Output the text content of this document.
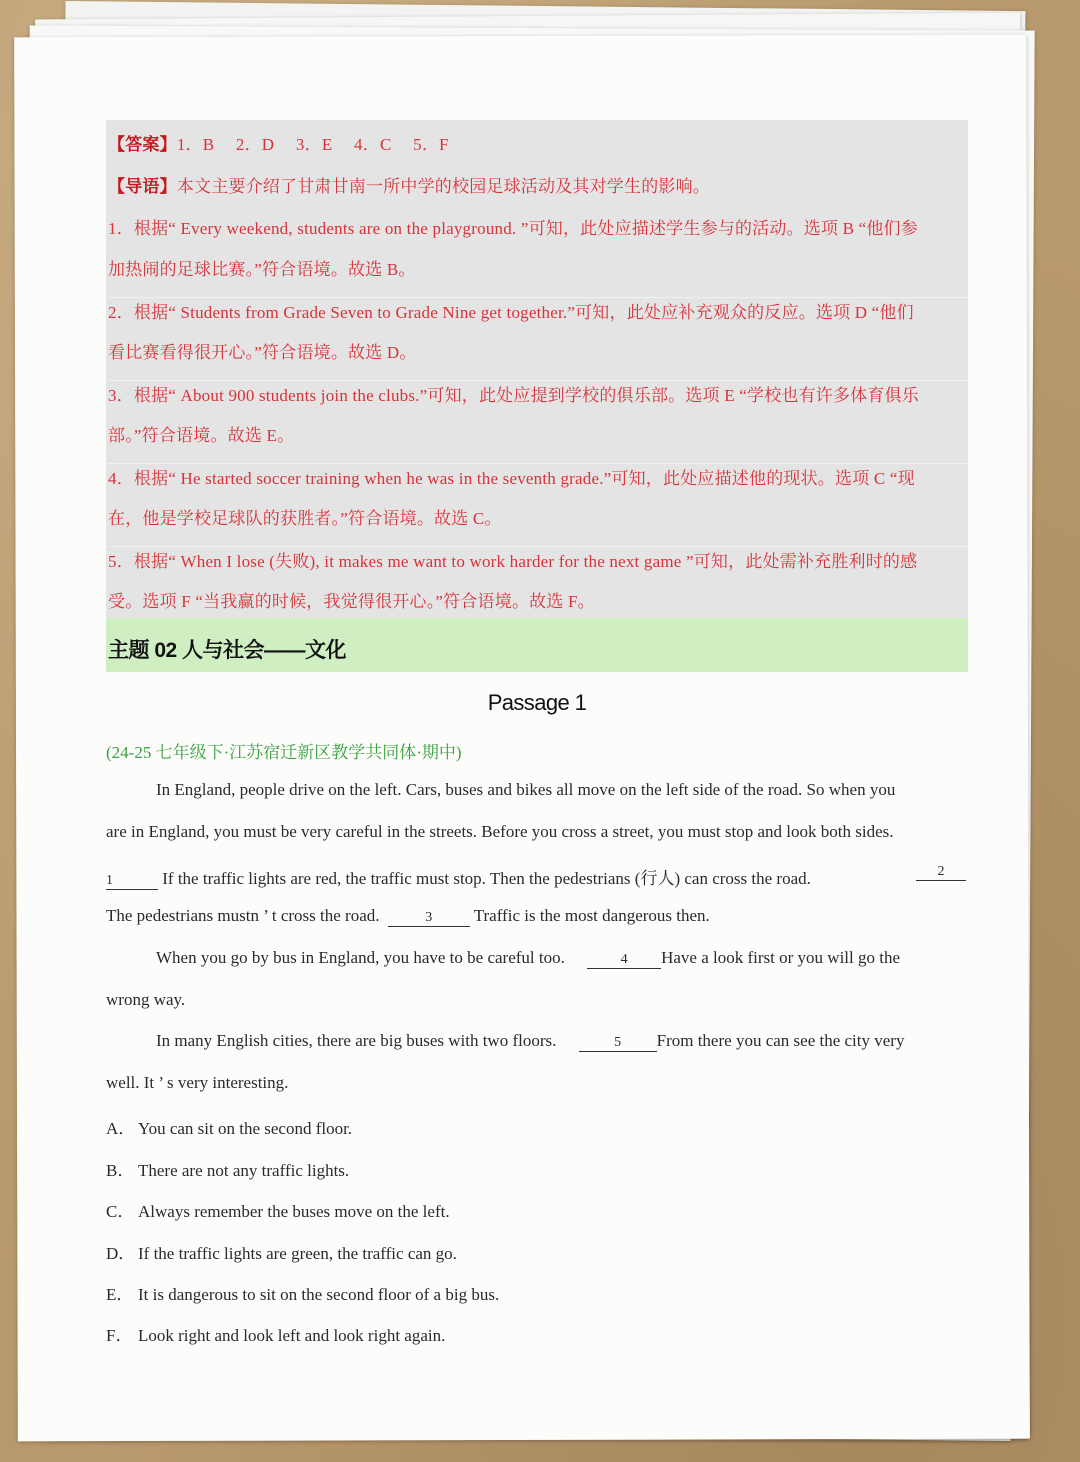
【答案】1．B　 2．D　 3．E　 4．C　 5．F
【导语】本文主要介绍了甘肃甘南一所中学的校园足球活动及其对学生的影响。
1．根据“ Every weekend, students are on the playground. ”可知，此处应描述学生参与的活动。选项 B “他们参
加热闹的足球比赛。”符合语境。故选 B。
2．根据“ Students from Grade Seven to Grade Nine get together.”可知，此处应补充观众的反应。选项 D “他们
看比赛看得很开心。”符合语境。故选 D。
3．根据“ About 900 students join the clubs.”可知，此处应提到学校的俱乐部。选项 E “学校也有许多体育俱乐
部。”符合语境。故选 E。
4．根据“ He started soccer training when he was in the seventh grade.”可知，此处应描述他的现状。选项 C “现
在，他是学校足球队的获胜者。”符合语境。故选 C。
5．根据“ When I lose (失败), it makes me want to work harder for the next game ”可知，此处需补充胜利时的感
受。选项 F “当我赢的时候，我觉得很开心。”符合语境。故选 F。
主题 02 人与社会——文化
Passage 1
(24-25 七年级下·江苏宿迁新区教学共同体·期中)
In England, people drive on the left. Cars, buses and bikes all move on the left side of the road. So when you
are in England, you must be very careful in the streets. Before you cross a street, you must stop and look both sides.
1	If the traffic lights are red, the traffic must stop. Then the pedestrians (行人) can cross the road.	2
The pedestrians mustn ’ t cross the road.	3 Traffic is the most dangerous then.
When you go by bus in England, you have to be careful too.	4 Have a look first or you will go the
wrong way.
In many English cities, there are big buses with two floors.	5 From there you can see the city very
well. It ’ s very interesting.
A． You can sit on the second floor.
B． There are not any traffic lights.
C． Always remember the buses move on the left.
D． If the traffic lights are green, the traffic can go.
E． It is dangerous to sit on the second floor of a big bus.
F． Look right and look left and look right again.
